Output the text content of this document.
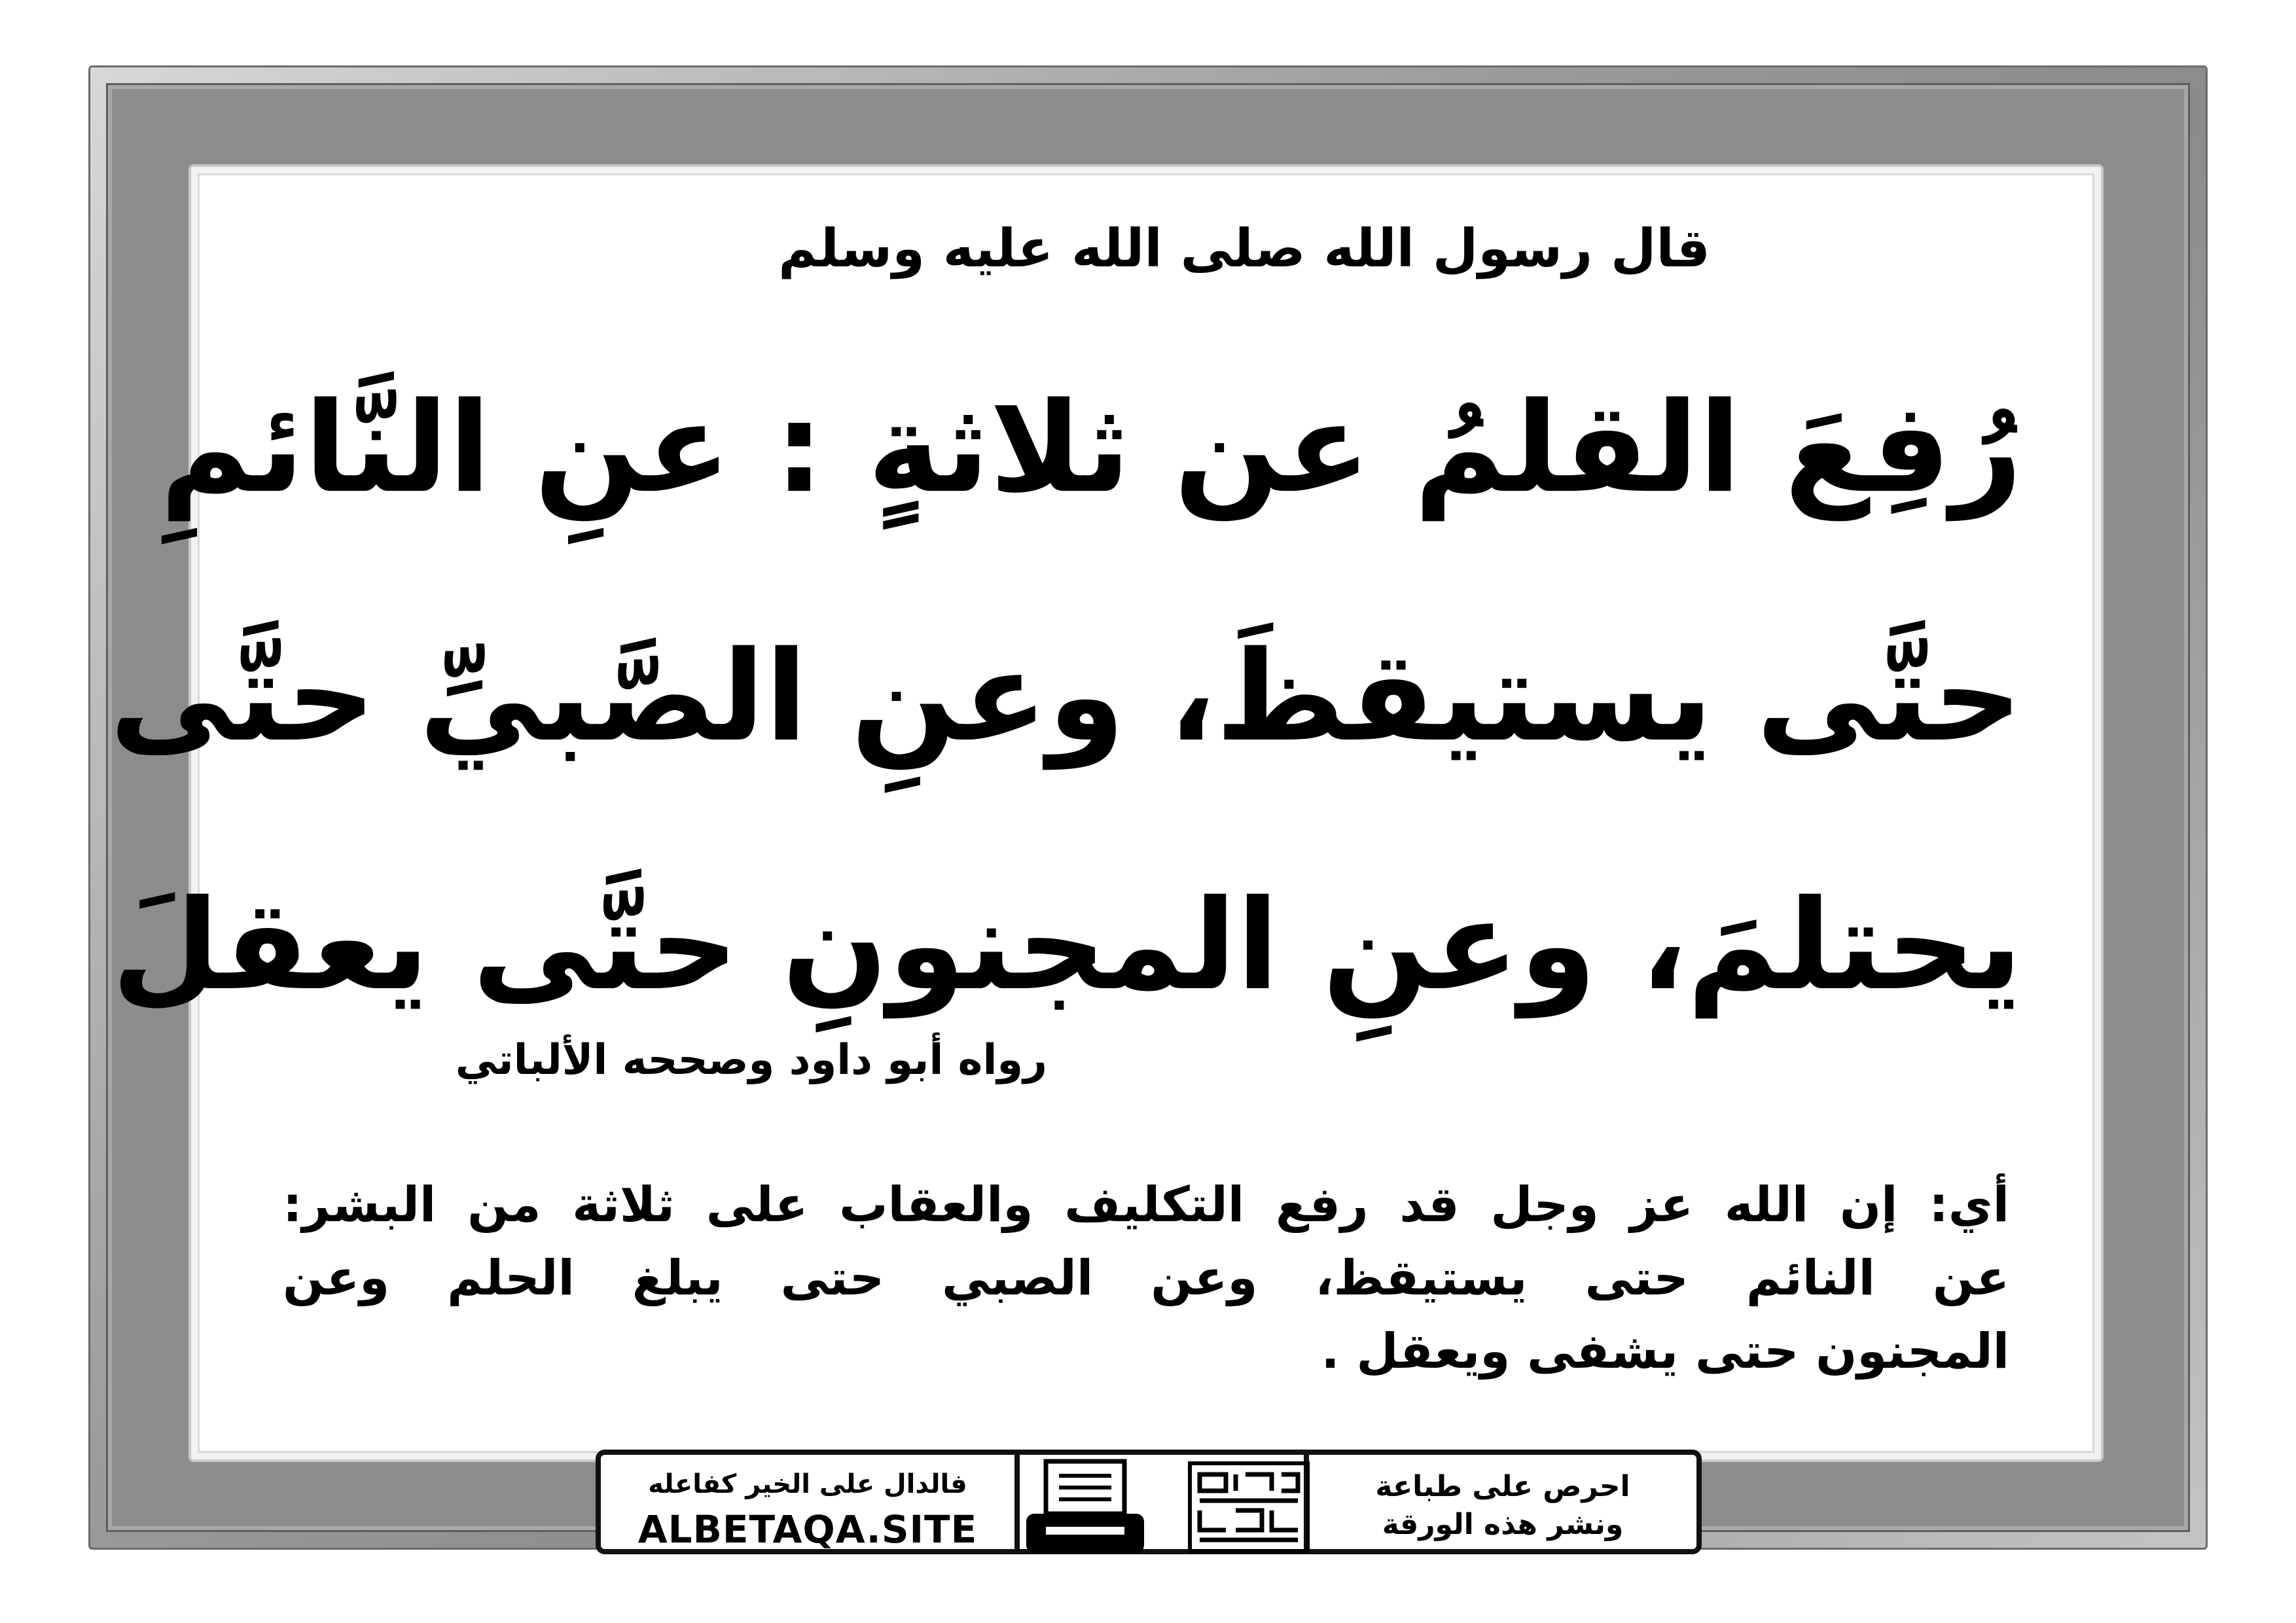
قال رسول الله صلى الله عليه وسلم
رُفِعَ القلمُ عن ثلاثةٍ : عنِ النَّائمِ
حتَّى يستيقظَ، وعنِ الصَّبيِّ حتَّى
يحتلمَ، وعنِ المجنونِ حتَّى يعقلَ
رواه أبو داود وصححه الألباتي
أي: إن الله عز وجل قد رفع التكليف والعقاب على ثلاثة من البشر:
عن النائم حتى يستيقظ، وعن الصبي حتى يبلغ الحلم وعن
المجنون حتى يشفى ويعقل .
احرص على طباعة
ونشر هذه الورقة
فالدال على الخير كفاعله
ALBETAQA.SITE
